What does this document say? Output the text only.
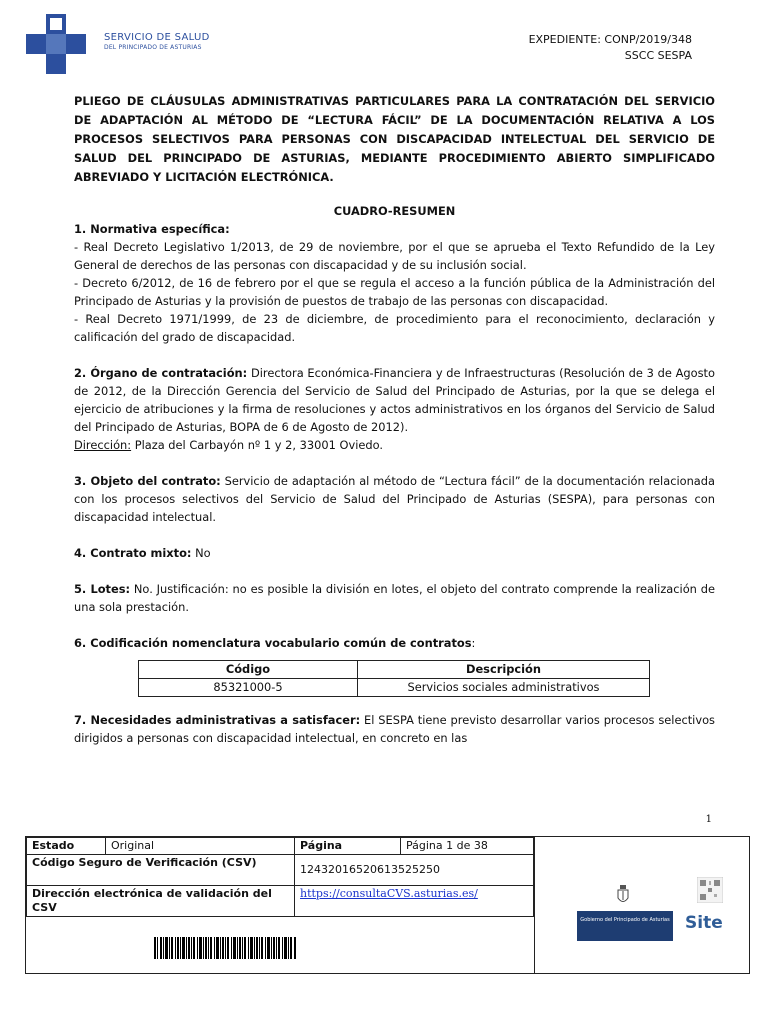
SERVICIO DE SALUD
DEL PRINCIPADO DE ASTURIAS
EXPEDIENTE: CONP/2019/348
SSCC SESPA
PLIEGO DE CLÁUSULAS ADMINISTRATIVAS PARTICULARES PARA LA CONTRATACIÓN DEL SERVICIO DE ADAPTACIÓN AL MÉTODO DE “LECTURA FÁCIL” DE LA DOCUMENTACIÓN RELATIVA A LOS PROCESOS SELECTIVOS PARA PERSONAS CON DISCAPACIDAD INTELECTUAL DEL SERVICIO DE SALUD DEL PRINCIPADO DE ASTURIAS, MEDIANTE PROCEDIMIENTO ABIERTO SIMPLIFICADO ABREVIADO Y LICITACIÓN ELECTRÓNICA.

CUADRO-RESUMEN

1. Normativa específica:

- Real Decreto Legislativo 1/2013, de 29 de noviembre, por el que se aprueba el Texto Refundido de la Ley General de derechos de las personas con discapacidad y de su inclusión social.

- Decreto 6/2012, de 16 de febrero por el que se regula el acceso a la función pública de la Administración del Principado de Asturias y la provisión de puestos de trabajo de las personas con discapacidad.

- Real Decreto 1971/1999, de 23 de diciembre, de procedimiento para el reconocimiento, declaración y calificación del grado de discapacidad.

2. Órgano de contratación: Directora Económica-Financiera y de Infraestructuras (Resolución de 3 de Agosto de 2012, de la Dirección Gerencia del Servicio de Salud del Principado de Asturias, por la que se delega el ejercicio de atribuciones y la firma de resoluciones y actos administrativos en los órganos del Servicio de Salud del Principado de Asturias, BOPA de 6 de Agosto de 2012).

Dirección: Plaza del Carbayón nº 1 y 2, 33001 Oviedo.

3. Objeto del contrato: Servicio de adaptación al método de “Lectura fácil” de la documentación relacionada con los procesos selectivos del Servicio de Salud del Principado de Asturias (SESPA), para personas con discapacidad intelectual.

4. Contrato mixto: No

5. Lotes: No. Justificación: no es posible la división en lotes, el objeto del contrato comprende la realización de una sola prestación.

6. Codificación nomenclatura vocabulario común de contratos:

Código	Descripción
85321000-5	Servicios sociales administrativos

7. Necesidades administrativas a satisfacer: El SESPA tiene previsto desarrollar varios procesos selectivos dirigidos a personas con discapacidad intelectual, en concreto en las

1
Estado	Original	Página	Página 1 de 38
Código Seguro de Verificación (CSV)		12432016520613525250	
Dirección electrónica de validación del CSV		https://consultaCVS.asturias.es/	
Gobierno del Principado de Asturias Site
